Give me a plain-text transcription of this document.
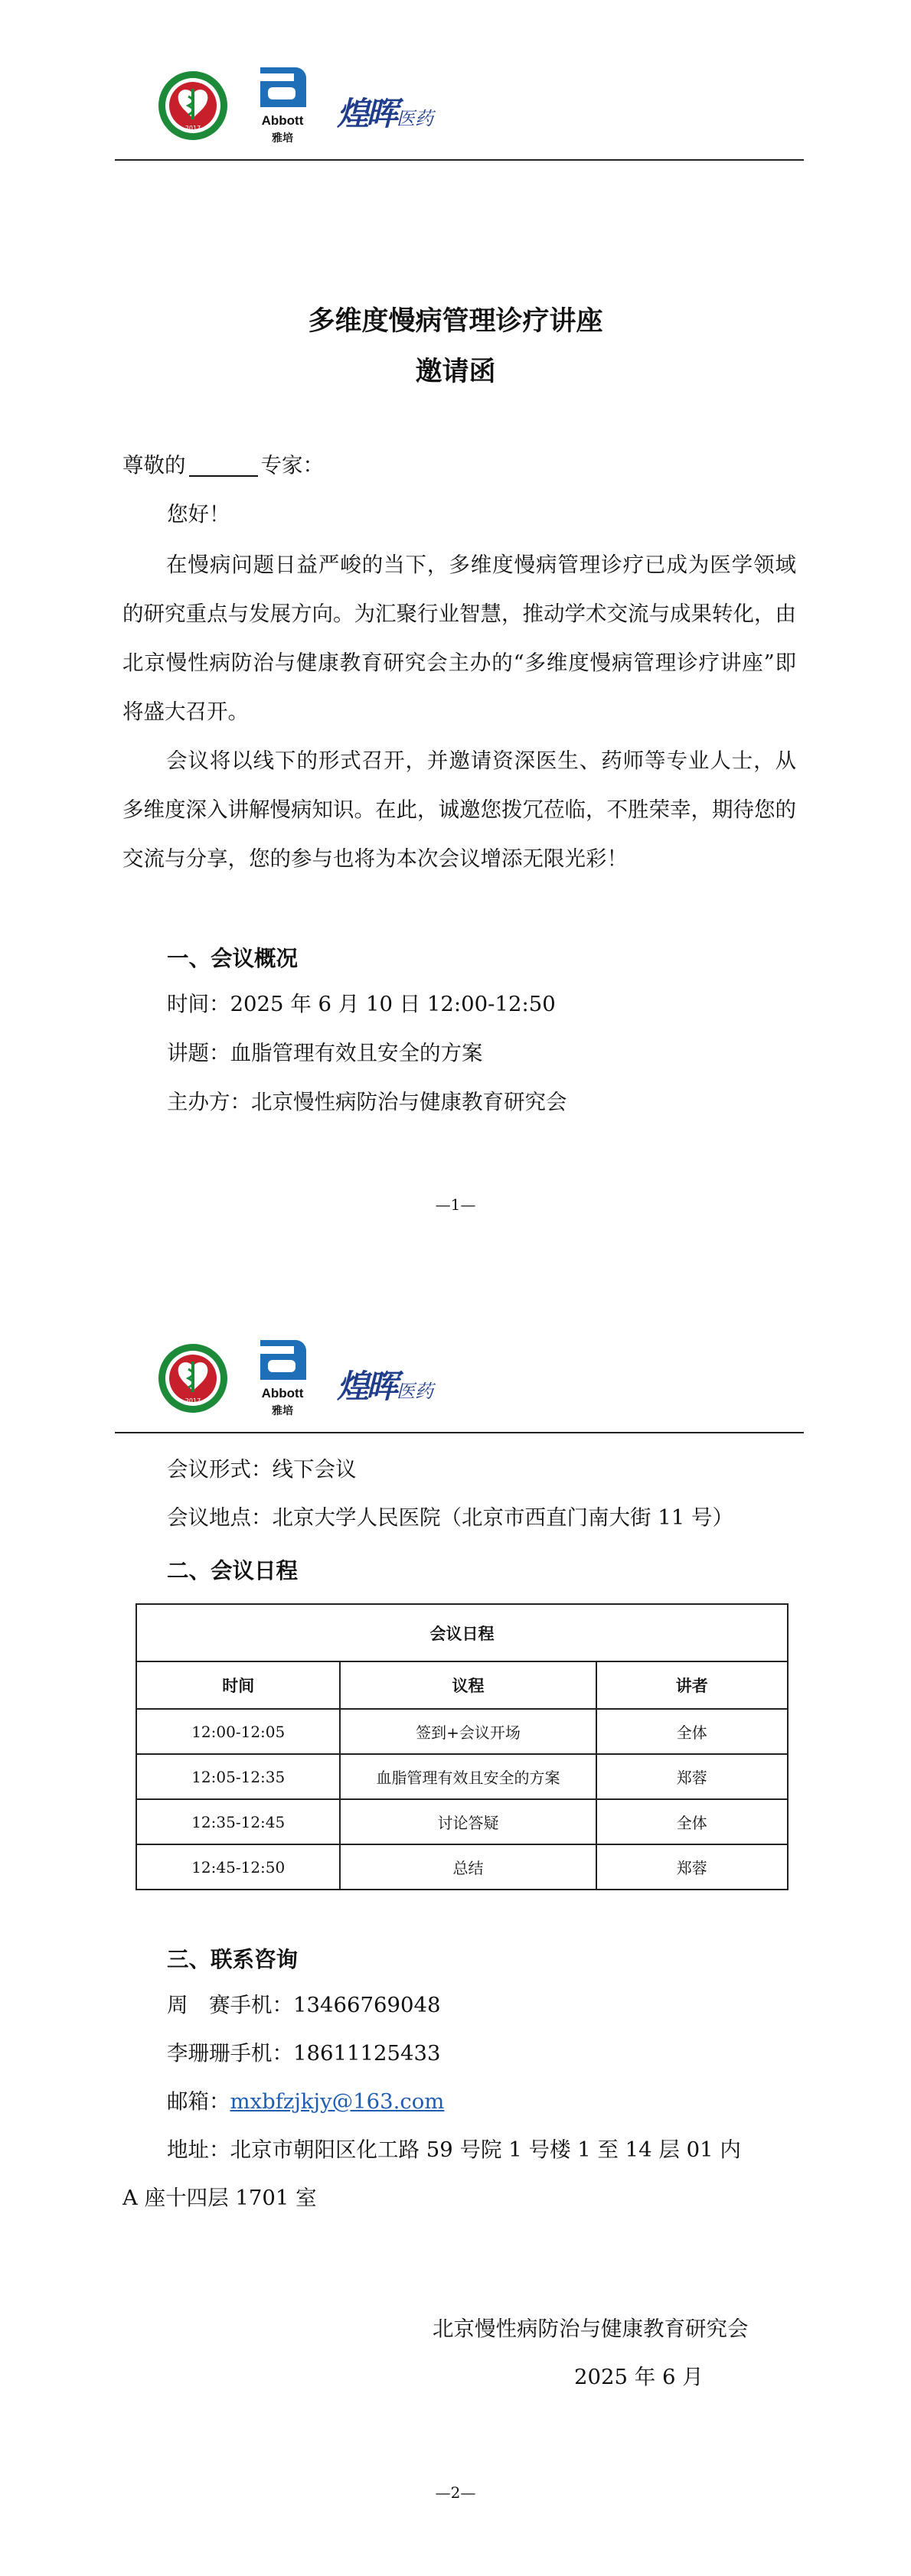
2017
Abbott
雅培
煌晖医药
多维度慢病管理诊疗讲座
邀请函
尊敬的	专家：
您好！
在慢病问题日益严峻的当下，多维度慢病管理诊疗已成为医学领域的研究重点与发展方向。为汇聚行业智慧，推动学术交流与成果转化，由北京慢性病防治与健康教育研究会主办的“多维度慢病管理诊疗讲座”即将盛大召开。
会议将以线下的形式召开，并邀请资深医生、药师等专业人士，从多维度深入讲解慢病知识。在此，诚邀您拨冗莅临，不胜荣幸，期待您的交流与分享，您的参与也将为本次会议增添无限光彩！
一、会议概况
时间：2025 年 6 月 10 日 12:00-12:50
讲题：血脂管理有效且安全的方案
主办方：北京慢性病防治与健康教育研究会
—1—
2017
Abbott
雅培
煌晖医药
会议形式：线下会议
会议地点：北京大学人民医院（北京市西直门南大街 11 号）
二、会议日程
会议日程		
时间	议程	讲者
12:00-12:05	签到+会议开场	全体
12:05-12:35	血脂管理有效且安全的方案	郑蓉
12:35-12:45	讨论答疑	全体
12:45-12:50	总结	郑蓉
三、联系咨询
周　赛手机：13466769048
李珊珊手机：18611125433
邮箱：mxbfzjkjy@163.com
地址：北京市朝阳区化工路 59 号院 1 号楼 1 至 14 层 01 内
A 座十四层 1701 室
北京慢性病防治与健康教育研究会
2025 年 6 月
—2—
